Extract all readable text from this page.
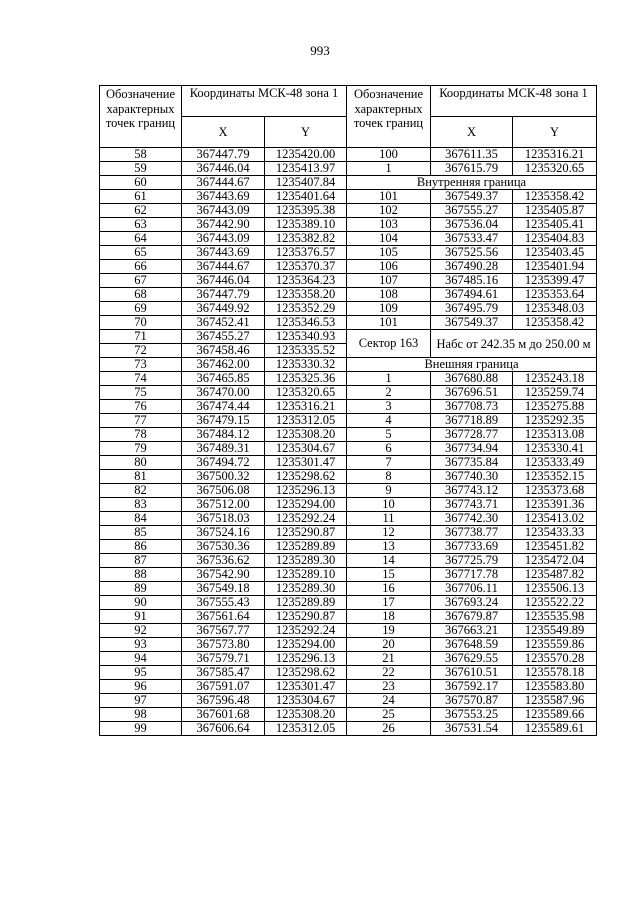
993
Обозначение характерных точек границ	Координаты МСК-48 зона 1		Обозначение характерных точек границ	Координаты МСК-48 зона 1	
	X	Y		X	Y
58	367447.79	1235420.00	100	367611.35	1235316.21
59	367446.04	1235413.97	1	367615.79	1235320.65
60	367444.67	1235407.84	Внутренняя граница		
61	367443.69	1235401.64	101	367549.37	1235358.42
62	367443.09	1235395.38	102	367555.27	1235405.87
63	367442.90	1235389.10	103	367536.04	1235405.41
64	367443.09	1235382.82	104	367533.47	1235404.83
65	367443.69	1235376.57	105	367525.56	1235403.45
66	367444.67	1235370.37	106	367490.28	1235401.94
67	367446.04	1235364.23	107	367485.16	1235399.47
68	367447.79	1235358.20	108	367494.61	1235353.64
69	367449.92	1235352.29	109	367495.79	1235348.03
70	367452.41	1235346.53	101	367549.37	1235358.42
71	367455.27	1235340.93	Сектор 163	Набс от 242.35 м до 250.00 м	
72	367458.46	1235335.52			
73	367462.00	1235330.32	Внешняя граница		
74	367465.85	1235325.36	1	367680.88	1235243.18
75	367470.00	1235320.65	2	367696.51	1235259.74
76	367474.44	1235316.21	3	367708.73	1235275.88
77	367479.15	1235312.05	4	367718.89	1235292.35
78	367484.12	1235308.20	5	367728.77	1235313.08
79	367489.31	1235304.67	6	367734.94	1235330.41
80	367494.72	1235301.47	7	367735.84	1235333.49
81	367500.32	1235298.62	8	367740.30	1235352.15
82	367506.08	1235296.13	9	367743.12	1235373.68
83	367512.00	1235294.00	10	367743.71	1235391.36
84	367518.03	1235292.24	11	367742.30	1235413.02
85	367524.16	1235290.87	12	367738.77	1235433.33
86	367530.36	1235289.89	13	367733.69	1235451.82
87	367536.62	1235289.30	14	367725.79	1235472.04
88	367542.90	1235289.10	15	367717.78	1235487.82
89	367549.18	1235289.30	16	367706.11	1235506.13
90	367555.43	1235289.89	17	367693.24	1235522.22
91	367561.64	1235290.87	18	367679.87	1235535.98
92	367567.77	1235292.24	19	367663.21	1235549.89
93	367573.80	1235294.00	20	367648.59	1235559.86
94	367579.71	1235296.13	21	367629.55	1235570.28
95	367585.47	1235298.62	22	367610.51	1235578.18
96	367591.07	1235301.47	23	367592.17	1235583.80
97	367596.48	1235304.67	24	367570.87	1235587.96
98	367601.68	1235308.20	25	367553.25	1235589.66
99	367606.64	1235312.05	26	367531.54	1235589.61
